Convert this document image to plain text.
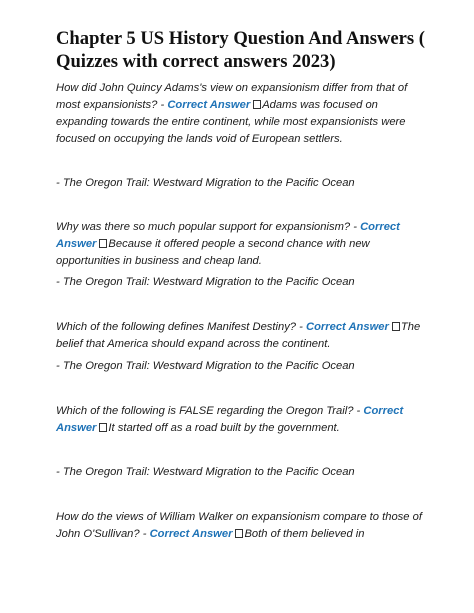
Chapter 5 US History Question And Answers ( Quizzes with correct answers 2023)

How did John Quincy Adams's view on expansionism differ from that of most expansionists? - Correct Answer Adams was focused on expanding towards the entire continent, while most expansionists were focused on occupying the lands void of European settlers.

- The Oregon Trail: Westward Migration to the Pacific Ocean

Why was there so much popular support for expansionism? - Correct Answer Because it offered people a second chance with new opportunities in business and cheap land.

- The Oregon Trail: Westward Migration to the Pacific Ocean

Which of the following defines Manifest Destiny? - Correct Answer The belief that America should expand across the continent.

- The Oregon Trail: Westward Migration to the Pacific Ocean

Which of the following is FALSE regarding the Oregon Trail? - Correct Answer It started off as a road built by the government.

- The Oregon Trail: Westward Migration to the Pacific Ocean

How do the views of William Walker on expansionism compare to those of John O'Sullivan? - Correct Answer Both of them believed in
